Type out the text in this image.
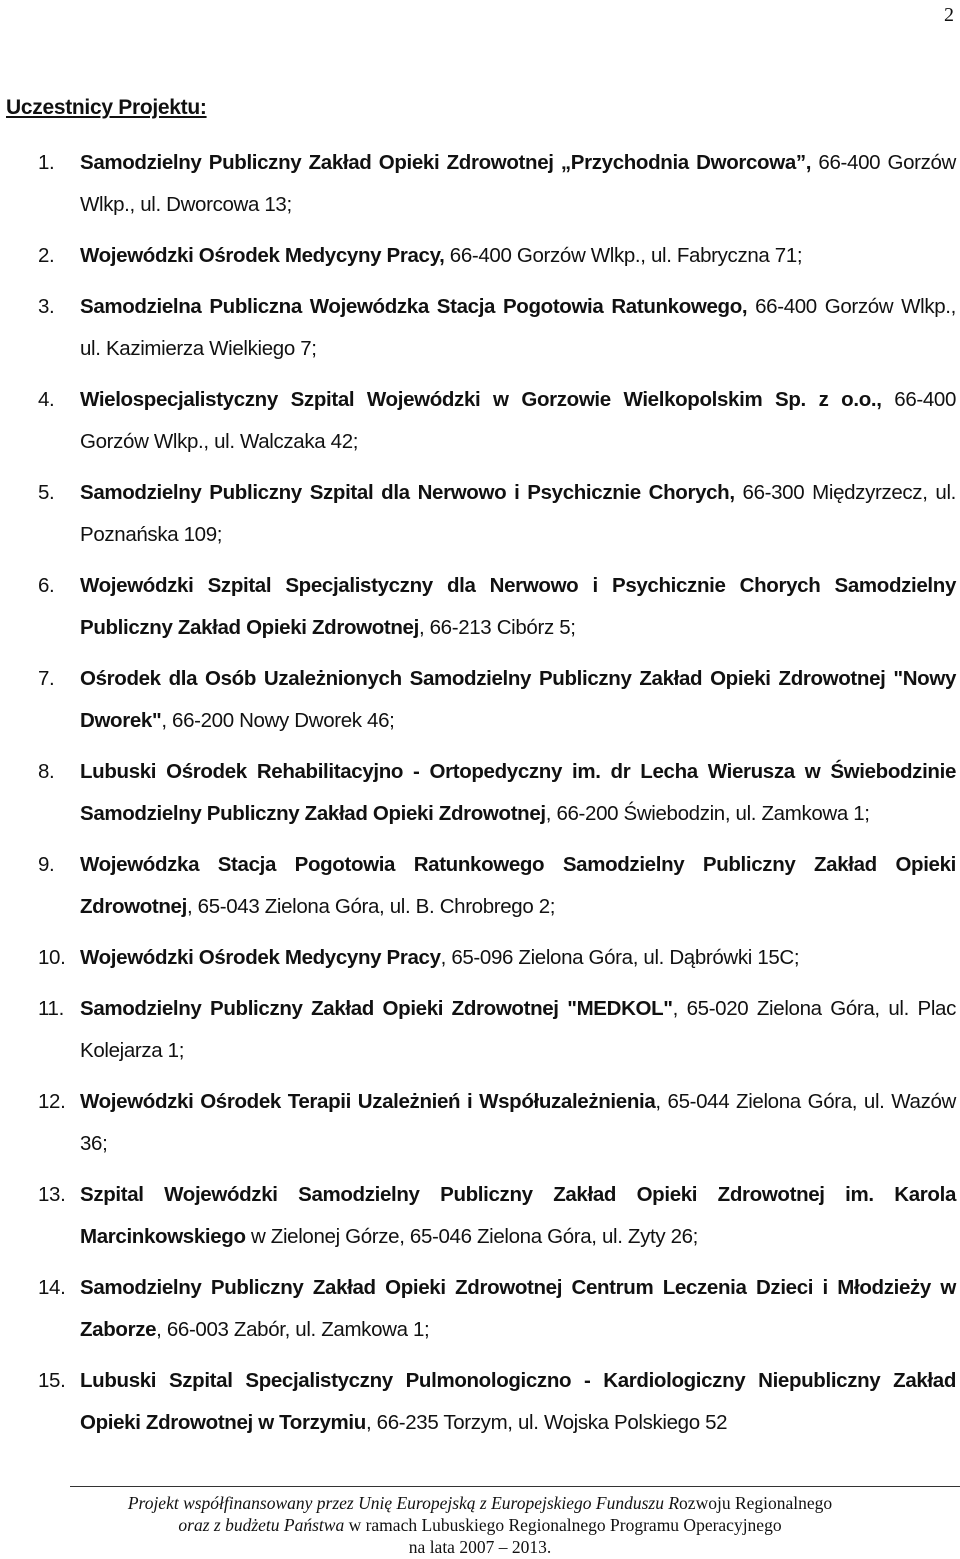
2
Uczestnicy Projektu:
1.	Samodzielny Publiczny Zakład Opieki Zdrowotnej „Przychodnia Dworcowa”, 66-400 Gorzów Wlkp., ul. Dworcowa 13;
2.	Wojewódzki Ośrodek Medycyny Pracy, 66-400 Gorzów Wlkp., ul. Fabryczna 71;
3.	Samodzielna Publiczna Wojewódzka Stacja Pogotowia Ratunkowego, 66-400 Gorzów Wlkp., ul. Kazimierza Wielkiego 7;
4.	Wielospecjalistyczny Szpital Wojewódzki w Gorzowie Wielkopolskim Sp. z o.o., 66-400 Gorzów Wlkp., ul. Walczaka 42;
5.	Samodzielny Publiczny Szpital dla Nerwowo i Psychicznie Chorych, 66-300 Międzyrzecz, ul. Poznańska 109;
6.	Wojewódzki Szpital Specjalistyczny dla Nerwowo i Psychicznie Chorych Samodzielny Publiczny Zakład Opieki Zdrowotnej, 66-213 Cibórz 5;
7.	Ośrodek dla Osób Uzależnionych Samodzielny Publiczny Zakład Opieki Zdrowotnej "Nowy Dworek", 66-200 Nowy Dworek 46;
8.	Lubuski Ośrodek Rehabilitacyjno - Ortopedyczny im. dr Lecha Wierusza w Świebodzinie Samodzielny Publiczny Zakład Opieki Zdrowotnej, 66-200 Świebodzin, ul. Zamkowa 1;
9.	Wojewódzka Stacja Pogotowia Ratunkowego Samodzielny Publiczny Zakład Opieki Zdrowotnej, 65-043 Zielona Góra, ul. B. Chrobrego 2;
10. Wojewódzki Ośrodek Medycyny Pracy, 65-096 Zielona Góra, ul. Dąbrówki 15C;
11. Samodzielny Publiczny Zakład Opieki Zdrowotnej "MEDKOL", 65-020 Zielona Góra, ul. Plac Kolejarza 1;
12. Wojewódzki Ośrodek Terapii Uzależnień i Współuzależnienia, 65-044 Zielona Góra, ul. Wazów 36;
13. Szpital Wojewódzki Samodzielny Publiczny Zakład Opieki Zdrowotnej im. Karola Marcinkowskiego w Zielonej Górze, 65-046 Zielona Góra, ul. Zyty 26;
14. Samodzielny Publiczny Zakład Opieki Zdrowotnej Centrum Leczenia Dzieci i Młodzieży w Zaborze, 66-003 Zabór, ul. Zamkowa 1;
15. Lubuski Szpital Specjalistyczny Pulmonologiczno - Kardiologiczny Niepubliczny Zakład Opieki Zdrowotnej w Torzymiu, 66-235 Torzym, ul. Wojska Polskiego 52
Projekt współfinansowany przez Unię Europejską z Europejskiego Funduszu Rozwoju Regionalnego
oraz z budżetu Państwa w ramach Lubuskiego Regionalnego Programu Operacyjnego
na lata 2007 – 2013.
